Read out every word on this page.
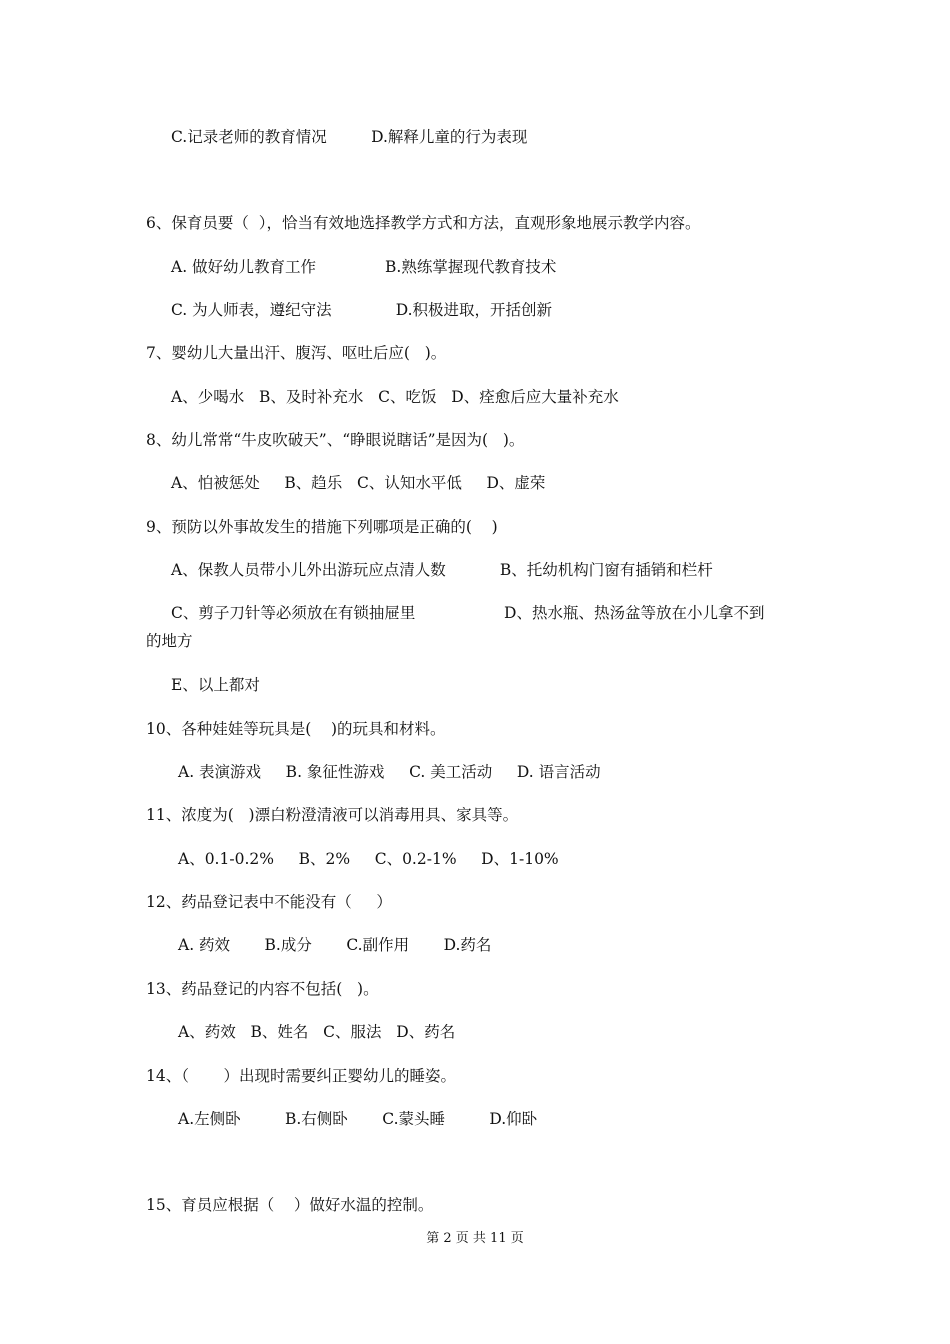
C.记录老师的教育情况         D.解释儿童的行为表现
6、保育员要（  ），恰当有效地选择教学方式和方法，直观形象地展示教学内容。
A. 做好幼儿教育工作              B.熟练掌握现代教育技术
C. 为人师表，遵纪守法             D.积极进取，开括创新
7、婴幼儿大量出汗、腹泻、呕吐后应(   )。
A、少喝水   B、及时补充水   C、吃饭   D、痊愈后应大量补充水
8、幼儿常常“牛皮吹破天”、“睁眼说瞎话”是因为(   )。
A、怕被惩处     B、趋乐   C、认知水平低     D、虚荣
9、预防以外事故发生的措施下列哪项是正确的(    )
A、保教人员带小儿外出游玩应点清人数           B、托幼机构门窗有插销和栏杆
C、剪子刀针等必须放在有锁抽屉里                  D、热水瓶、热汤盆等放在小儿拿不到
的地方
E、以上都对
10、各种娃娃等玩具是(    )的玩具和材料。
A. 表演游戏     B. 象征性游戏     C. 美工活动     D. 语言活动
11、浓度为(   )漂白粉澄清液可以消毒用具、家具等。
A、0.1-0.2%     B、2%     C、0.2-1%     D、1-10%
12、药品登记表中不能没有（     ）
A. 药效       B.成分       C.副作用       D.药名
13、药品登记的内容不包括(   )。
A、药效   B、姓名   C、服法   D、药名
14、（       ）出现时需要纠正婴幼儿的睡姿。
A.左侧卧         B.右侧卧       C.蒙头睡         D.仰卧
15、育员应根据（    ）做好水温的控制。
第 2 页 共 11 页
